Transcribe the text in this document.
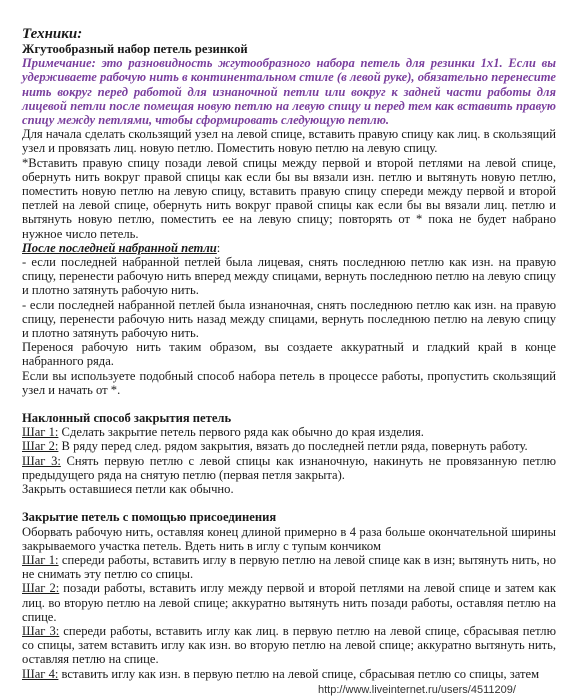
Техники:

Жгутообразный набор петель резинкой

Примечание: это разновидность жгутообразного набора петель для резинки 1х1. Если вы удерживаете рабочую нить в континентальном стиле (в левой руке), обязательно перенесите нить вокруг перед работой для изнаночной петли или вокруг к задней части работы для лицевой петли после помещая новую петлю на левую спицу и перед тем как вставить правую спицу между петлями, чтобы сформировать следующую петлю.

Для начала сделать скользящий узел на левой спице, вставить правую спицу как лиц. в скользящий узел и провязать лиц. новую петлю. Поместить новую петлю на левую спицу.

*Вставить правую спицу позади левой спицы между первой и второй петлями на левой спице, обернуть нить вокруг правой спицы как если бы вы вязали изн. петлю и вытянуть новую петлю, поместить новую петлю на левую спицу, вставить правую спицу спереди между первой и второй петлей на левой спице, обернуть нить вокруг правой спицы как если бы вы вязали лиц. петлю и вытянуть новую петлю, поместить ее на левую спицу; повторять от * пока не будет набрано нужное число петель.

После последней набранной петли:

- если последней набранной петлей была лицевая, снять последнюю петлю как изн. на правую спицу, перенести рабочую нить вперед между спицами, вернуть последнюю петлю на левую спицу и плотно затянуть рабочую нить.

- если последней набранной петлей была изнаночная, снять последнюю петлю как изн. на правую спицу, перенести рабочую нить назад между спицами, вернуть последнюю петлю на левую спицу и плотно затянуть рабочую нить.

Перенося рабочую нить таким образом, вы создаете аккуратный и гладкий край в конце набранного ряда.

Если вы используете подобный способ набора петель в процессе работы, пропустить скользящий узел и начать от *.

Наклонный способ закрытия петель

Шаг 1: Сделать закрытие петель первого ряда как обычно до края изделия.

Шаг 2: В ряду перед след. рядом закрытия, вязать до последней петли ряда, повернуть работу.

Шаг 3: Снять первую петлю с левой спицы как изнаночную, накинуть не провязанную петлю предыдущего ряда на снятую петлю (первая петля закрыта).

Закрыть оставшиеся петли как обычно.

Закрытие петель с помощью присоединения

Оборвать рабочую нить, оставляя конец длиной примерно в 4 раза больше окончательной ширины закрываемого участка петель. Вдеть нить в иглу с тупым кончиком

Шаг 1: спереди работы, вставить иглу в первую петлю на левой спице как в изн; вытянуть нить, но не снимать эту петлю со спицы.

Шаг 2: позади работы, вставить иглу между первой и второй петлями на левой спице и затем как лиц. во вторую петлю на левой спице; аккуратно вытянуть нить позади работы, оставляя петлю на спице.

Шаг 3: спереди работы, вставить иглу как лиц. в первую петлю на левой спице, сбрасывая петлю со спицы, затем вставить иглу как изн. во вторую петлю на левой спице; аккуратно вытянуть нить, оставляя петлю на спице.

Шаг 4: вставить иглу как изн. в первую петлю на левой спице, сбрасывая петлю со спицы, затем

http://www.liveinternet.ru/users/4511209/
